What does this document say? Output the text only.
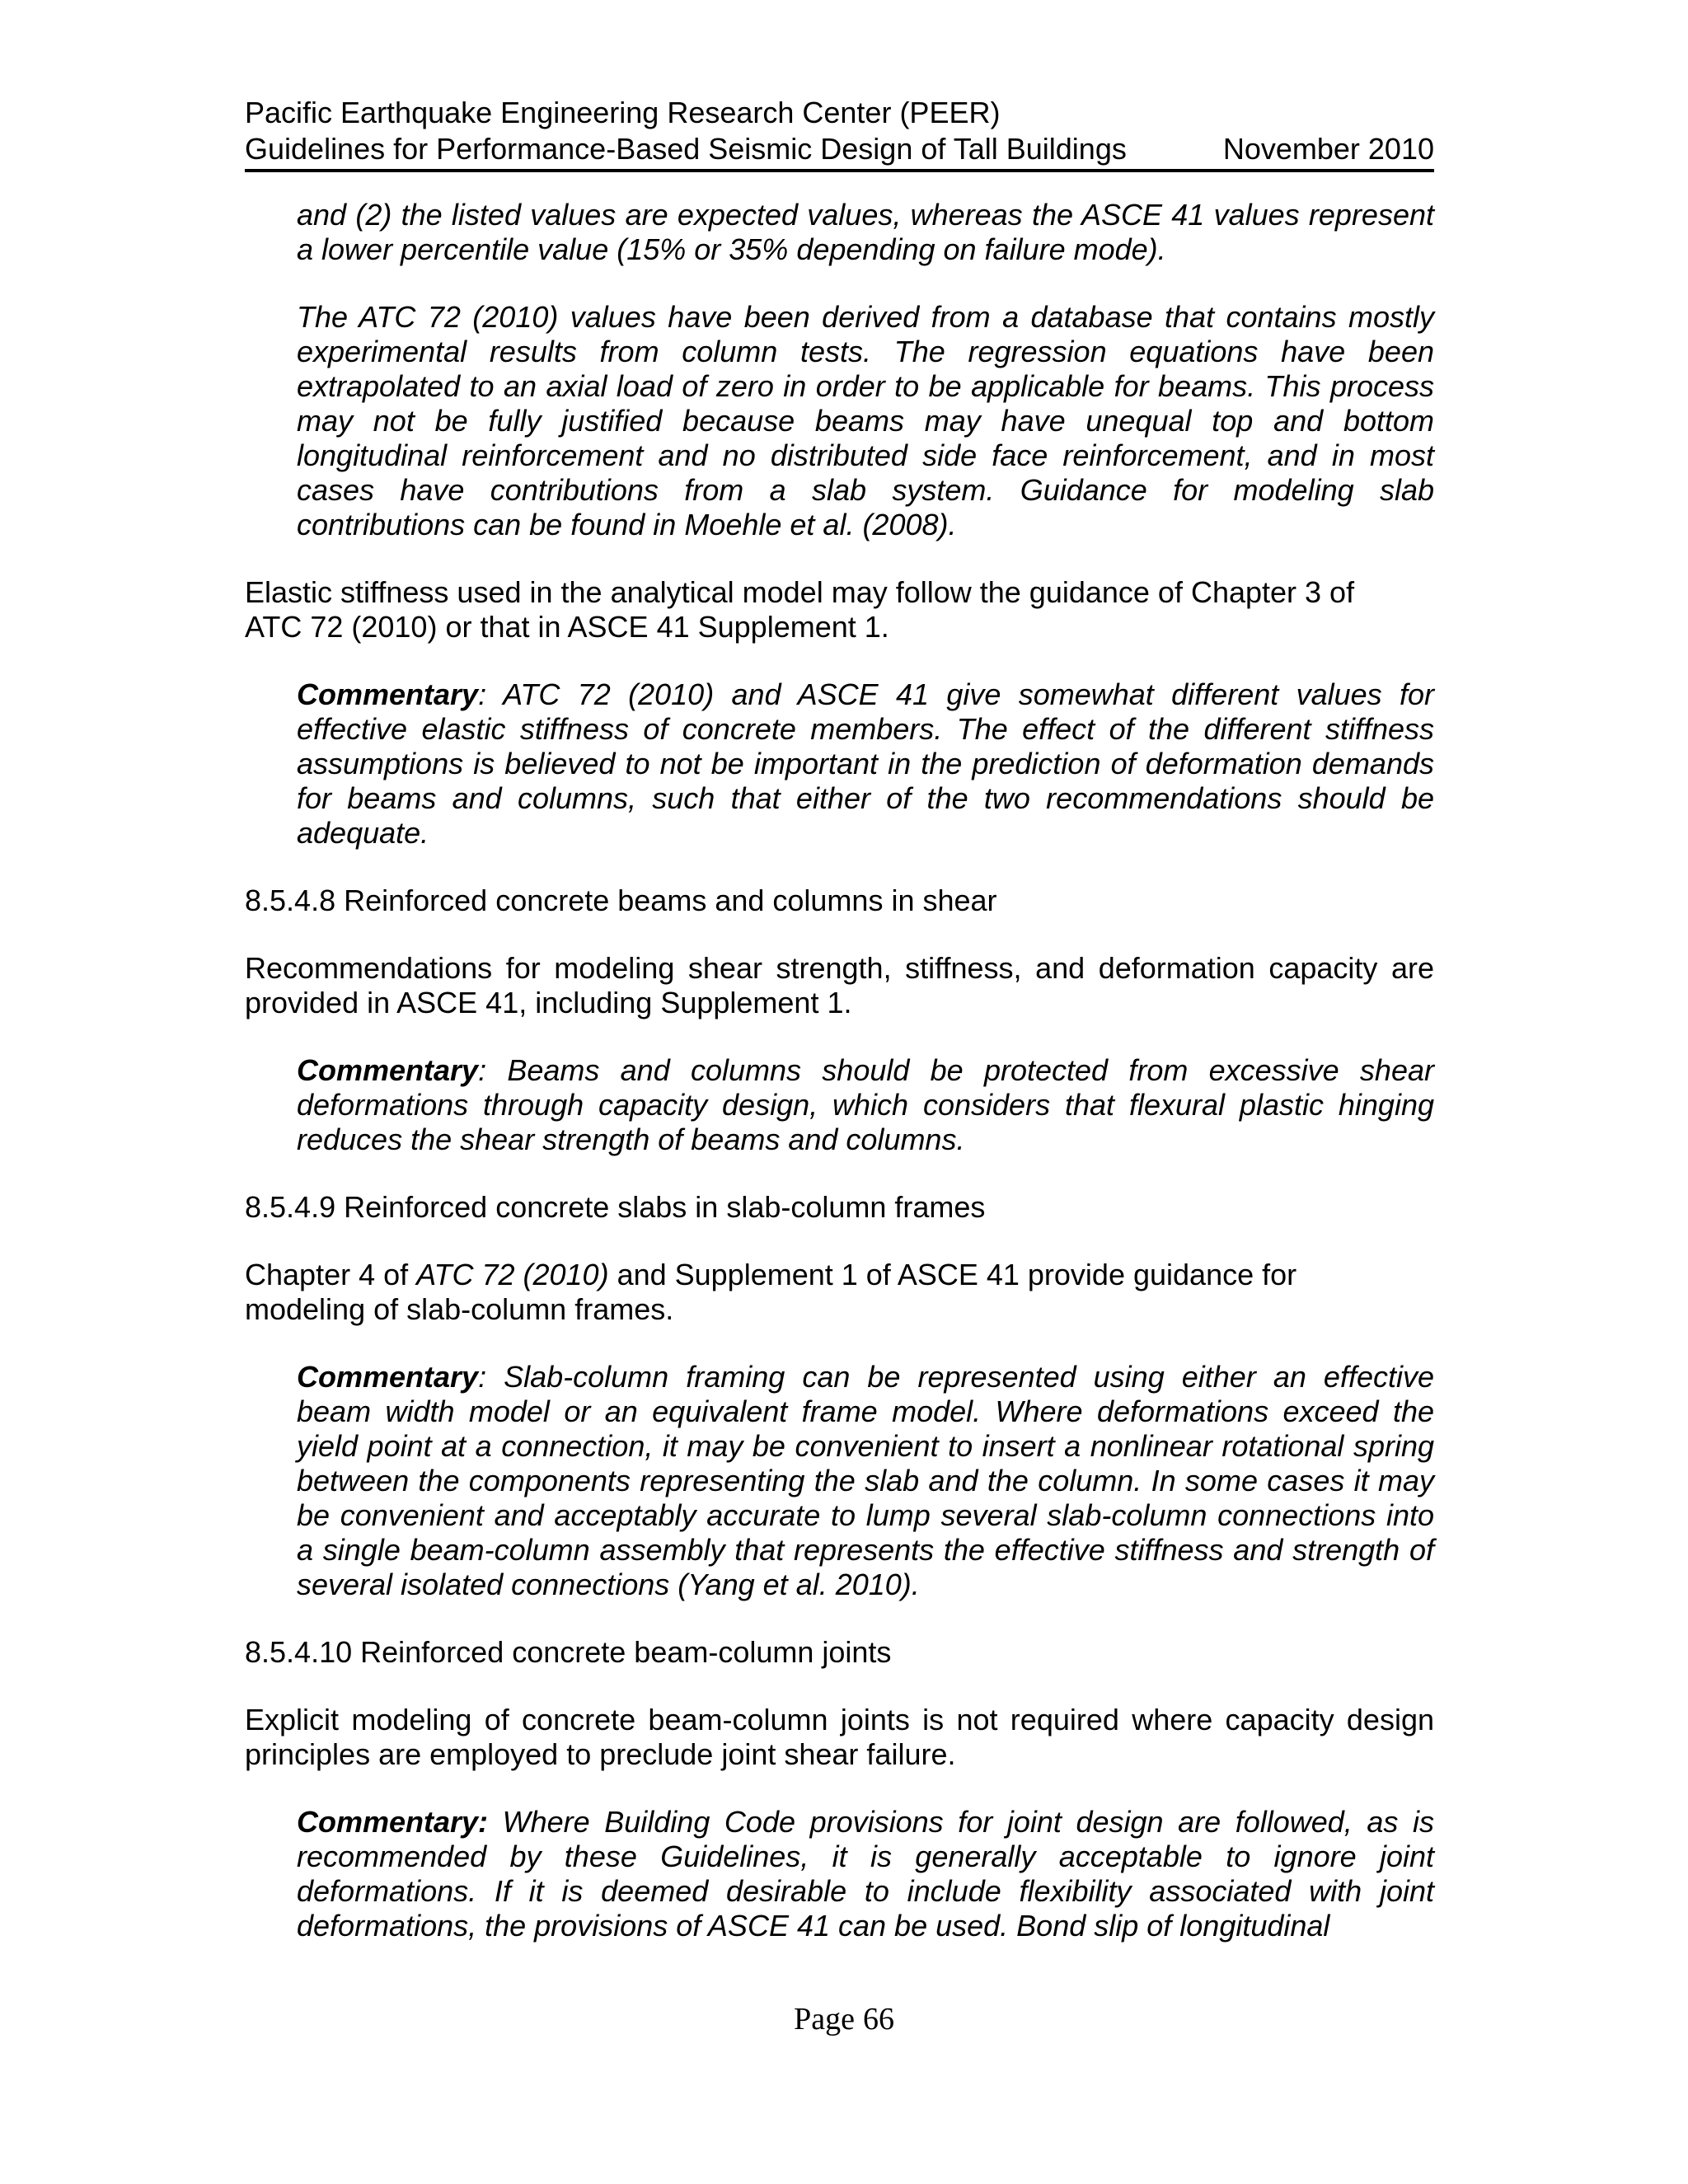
Pacific Earthquake Engineering Research Center (PEER)
Guidelines for Performance-Based Seismic Design of Tall Buildings	November 2010

and (2) the listed values are expected values, whereas the ASCE 41 values represent a lower percentile value (15% or 35% depending on failure mode).

The ATC 72 (2010) values have been derived from a database that contains mostly experimental results from column tests. The regression equations have been extrapolated to an axial load of zero in order to be applicable for beams. This process may not be fully justified because beams may have unequal top and bottom longitudinal reinforcement and no distributed side face reinforcement, and in most cases have contributions from a slab system. Guidance for modeling slab contributions can be found in Moehle et al. (2008).

Elastic stiffness used in the analytical model may follow the guidance of Chapter 3 of ATC 72 (2010) or that in ASCE 41 Supplement 1.

Commentary: ATC 72 (2010) and ASCE 41 give somewhat different values for effective elastic stiffness of concrete members. The effect of the different stiffness assumptions is believed to not be important in the prediction of deformation demands for beams and columns, such that either of the two recommendations should be adequate.

8.5.4.8 Reinforced concrete beams and columns in shear

Recommendations for modeling shear strength, stiffness, and deformation capacity are provided in ASCE 41, including Supplement 1.

Commentary: Beams and columns should be protected from excessive shear deformations through capacity design, which considers that flexural plastic hinging reduces the shear strength of beams and columns.

8.5.4.9 Reinforced concrete slabs in slab-column frames

Chapter 4 of ATC 72 (2010) and Supplement 1 of ASCE 41 provide guidance for modeling of slab-column frames.

Commentary: Slab-column framing can be represented using either an effective beam width model or an equivalent frame model. Where deformations exceed the yield point at a connection, it may be convenient to insert a nonlinear rotational spring between the components representing the slab and the column. In some cases it may be convenient and acceptably accurate to lump several slab-column connections into a single beam-column assembly that represents the effective stiffness and strength of several isolated connections (Yang et al. 2010).

8.5.4.10 Reinforced concrete beam-column joints

Explicit modeling of concrete beam-column joints is not required where capacity design principles are employed to preclude joint shear failure.

Commentary: Where Building Code provisions for joint design are followed, as is recommended by these Guidelines, it is generally acceptable to ignore joint deformations. If it is deemed desirable to include flexibility associated with joint deformations, the provisions of ASCE 41 can be used. Bond slip of longitudinal

Page 66
